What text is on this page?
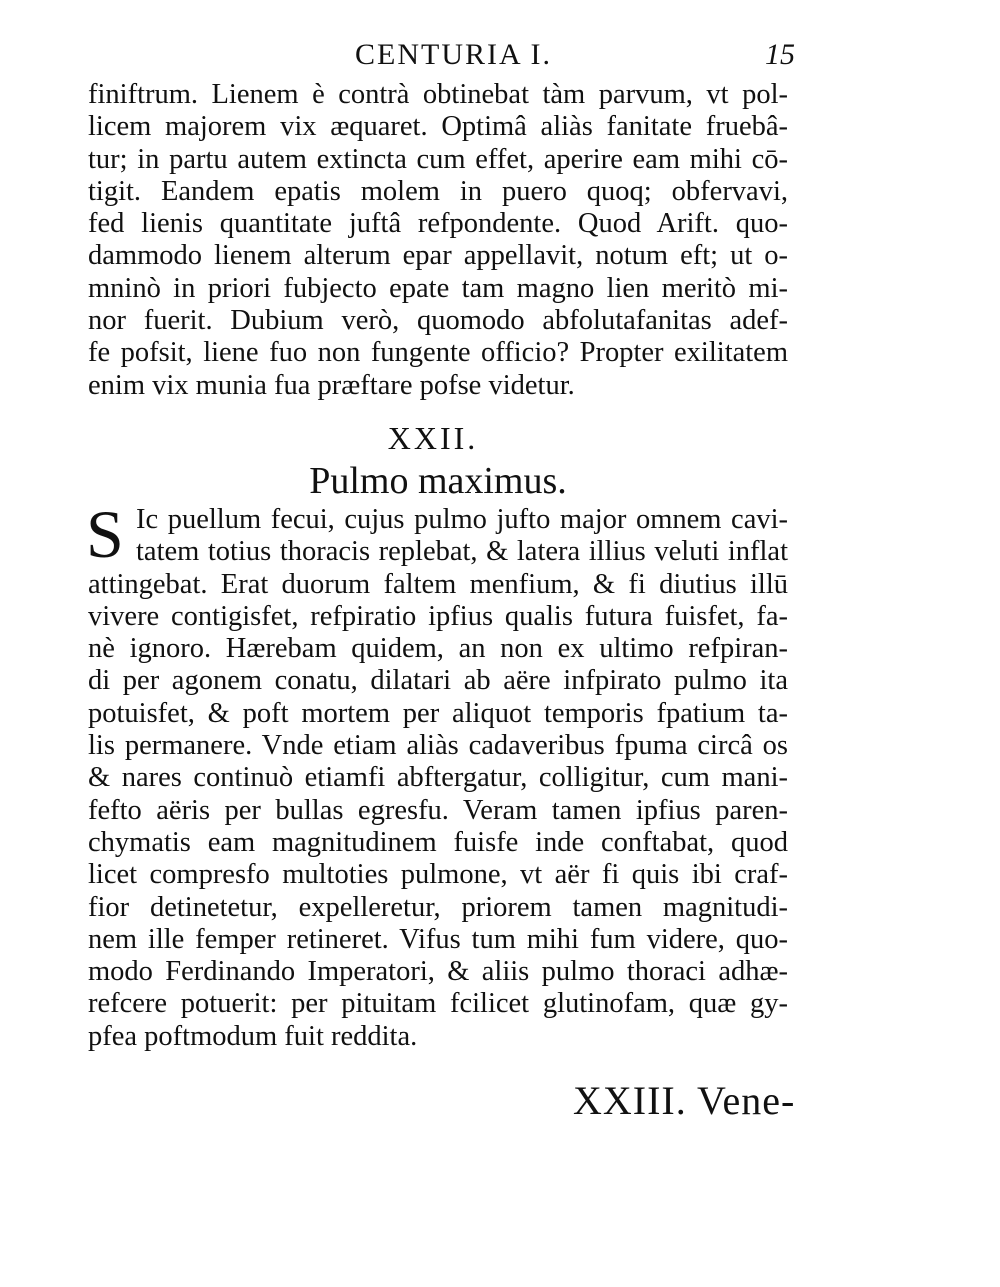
CENTURIA I.	15
finiftrum. Lienem è contrà obtinebat tàm parvum, vt pol-
licem majorem vix æquaret. Optimâ aliàs fanitate fruebâ-
tur; in partu autem extincta cum effet, aperire eam mihi cō-
tigit. Eandem epatis molem in puero quoq; obfervavi,
fed lienis quantitate juftâ refpondente. Quod Arift. quo-
dammodo lienem alterum epar appellavit, notum eft; ut o-
mninò in priori fubjecto epate tam magno lien meritò mi-
nor fuerit. Dubium verò, quomodo abfolutafanitas adef-
fe pofsit, liene fuo non fungente officio? Propter exilitatem
enim vix munia fua præftare pofse videtur.
XXII.
Pulmo maximus.
S Ic puellum fecui, cujus pulmo jufto major omnem cavi-
tatem totius thoracis replebat, & latera illius veluti inflat
attingebat. Erat duorum faltem menfium, & fi diutius illū
vivere contigisfet, refpiratio ipfius qualis futura fuisfet, fa-
nè ignoro. Hærebam quidem, an non ex ultimo refpiran-
di per agonem conatu, dilatari ab aëre infpirato pulmo ita
potuisfet, & poft mortem per aliquot temporis fpatium ta-
lis permanere. Vnde etiam aliàs cadaveribus fpuma circâ os
& nares continuò etiamfi abftergatur, colligitur, cum mani-
fefto aëris per bullas egresfu. Veram tamen ipfius paren-
chymatis eam magnitudinem fuisfe inde conftabat, quod
licet compresfo multoties pulmone, vt aër fi quis ibi craf-
fior detinetetur, expelleretur, priorem tamen magnitudi-
nem ille femper retineret. Vifus tum mihi fum videre, quo-
modo Ferdinando Imperatori, & aliis pulmo thoraci adhæ-
refcere potuerit: per pituitam fcilicet glutinofam, quæ gy-
pfea poftmodum fuit reddita.
XXIII. Vene-
